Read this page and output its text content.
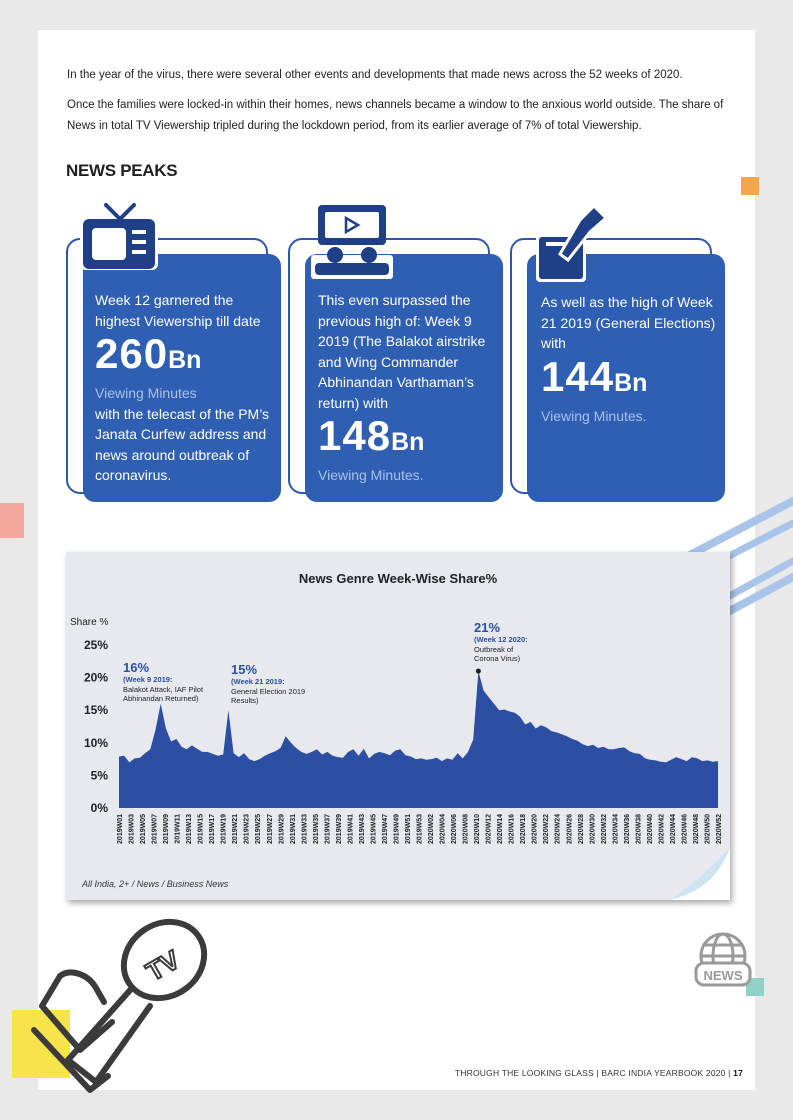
In the year of the virus, there were several other events and developments that made news across the 52 weeks of 2020.

Once the families were locked-in within their homes, news channels became a window to the anxious world outside. The share of News in total TV Viewership tripled during the lockdown period, from its earlier average of 7% of total Viewership.

NEWS PEAKS
Week 12 garnered the highest Viewership till date
260Bn
Viewing Minutes
with the telecast of the PM’s Janata Curfew address and news around outbreak of coronavirus.
This even surpassed the previous high of: Week 9 2019 (The Balakot airstrike and Wing Commander Abhinandan Varthaman’s return) with
148Bn
Viewing Minutes.
As well as the high of Week 21 2019 (General Elections) with
144Bn
Viewing Minutes.
News Genre Week-Wise Share%
Share %
0%
5%
10%
15%
20%
25%
2019W01 2019W03 2019W05 2019W07 2019W09 2019W11 2019W13 2019W15 2019W17 2019W19 2019W21 2019W23 2019W25 2019W27 2019W29 2019W31 2019W33 2019W35 2019W37 2019W39 2019W41 2019W43 2019W45 2019W47 2019W49 2019W51 2019W53 2020W02 2020W04 2020W06 2020W08 2020W10 2020W12 2020W14 2020W16 2020W18 2020W20 2020W22 2020W24 2020W26 2020W28 2020W30 2020W32 2020W34 2020W36 2020W38 2020W40 2020W42 2020W44 2020W46 2020W48 2020W50 2020W52
16%
(Week 9 2019:
Balakot Attack, IAF Pilot
Abhinandan Returned)
15%
(Week 21 2019:
General Election 2019
Results)
21%
(Week 12 2020:
Outbreak of
Corona Virus)
All India, 2+ / News / Business News
TV	NEWS
THROUGH THE LOOKING GLASS | BARC INDIA YEARBOOK 2020 | 17
